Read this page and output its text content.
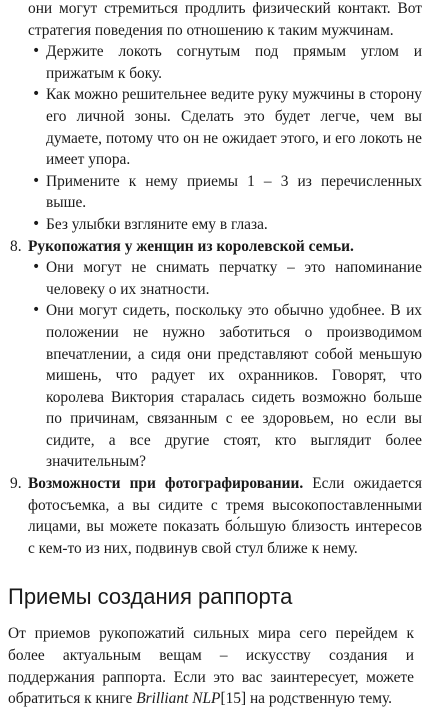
они могут стремиться продлить физический контакт. Вот стратегия поведения по отношению к таким мужчинам.
• Держите локоть согнутым под прямым углом и прижатым к боку.
• Как можно решительнее ведите руку мужчины в сторону его личной зоны. Сделать это будет легче, чем вы думаете, потому что он не ожидает этого, и его локоть не имеет упора.
• Примените к нему приемы 1 – 3 из перечисленных выше.
• Без улыбки взгляните ему в глаза.
8. Рукопожатия у женщин из королевской семьи.
• Они могут не снимать перчатку – это напоминание человеку о их знатности.
• Они могут сидеть, поскольку это обычно удобнее. В их положении не нужно заботиться о производимом впечатлении, а сидя они представляют собой меньшую мишень, что радует их охранников. Говорят, что королева Виктория старалась сидеть возможно больше по причинам, связанным с ее здоровьем, но если вы сидите, а все другие стоят, кто выглядит более значительным?
9. Возможности при фотографировании. Если ожидается фотосъемка, а вы сидите с тремя высокопоставленными лицами, вы можете показать бо́льшую близость интересов с кем-то из них, подвинув свой стул ближе к нему.
Приемы создания раппорта
От приемов рукопожатий сильных мира сего перейдем к более актуальным вещам – искусству создания и поддержания раппорта. Если это вас заинтересует, можете обратиться к книге Brilliant NLP[15] на родственную тему.
